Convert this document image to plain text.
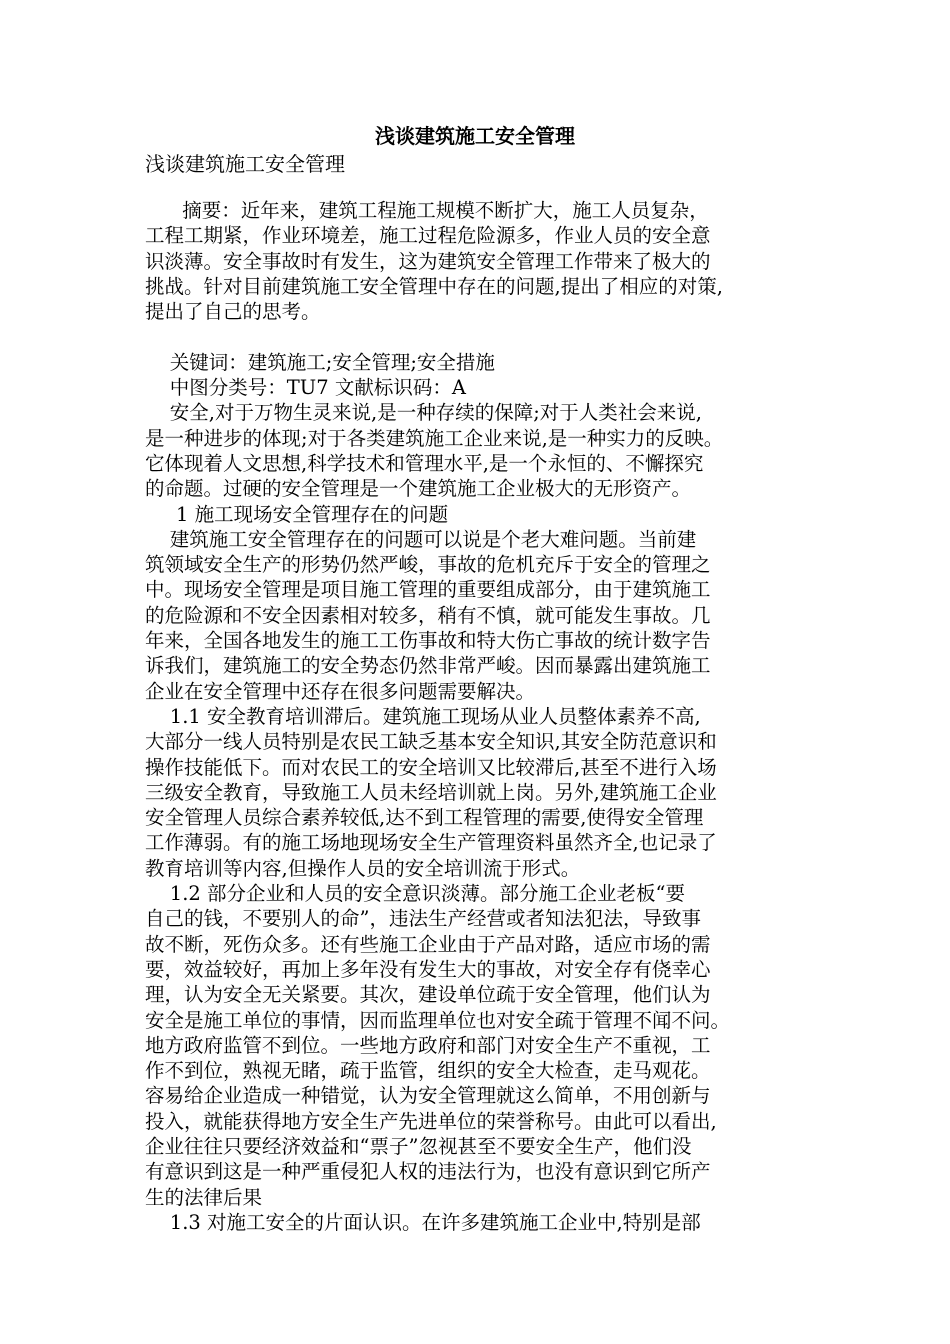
浅谈建筑施工安全管理
浅谈建筑施工安全管理
摘要：近年来，建筑工程施工规模不断扩大，施工人员复杂，
工程工期紧，作业环境差，施工过程危险源多，作业人员的安全意
识淡薄。安全事故时有发生，这为建筑安全管理工作带来了极大的
挑战。针对目前建筑施工安全管理中存在的问题,提出了相应的对策,
提出了自己的思考。
关键词：建筑施工;安全管理;安全措施
中图分类号：TU7 文献标识码：A
安全,对于万物生灵来说,是一种存续的保障;对于人类社会来说,
是一种进步的体现;对于各类建筑施工企业来说,是一种实力的反映。
它体现着人文思想,科学技术和管理水平,是一个永恒的、不懈探究
的命题。过硬的安全管理是一个建筑施工企业极大的无形资产。
1 施工现场安全管理存在的问题
建筑施工安全管理存在的问题可以说是个老大难问题。当前建
筑领域安全生产的形势仍然严峻，事故的危机充斥于安全的管理之
中。现场安全管理是项目施工管理的重要组成部分，由于建筑施工
的危险源和不安全因素相对较多，稍有不慎，就可能发生事故。几
年来，全国各地发生的施工工伤事故和特大伤亡事故的统计数字告
诉我们，建筑施工的安全势态仍然非常严峻。因而暴露出建筑施工
企业在安全管理中还存在很多问题需要解决。
1.1 安全教育培训滞后。建筑施工现场从业人员整体素养不高,
大部分一线人员特别是农民工缺乏基本安全知识,其安全防范意识和
操作技能低下。而对农民工的安全培训又比较滞后,甚至不进行入场
三级安全教育，导致施工人员未经培训就上岗。另外,建筑施工企业
安全管理人员综合素养较低,达不到工程管理的需要,使得安全管理
工作薄弱。有的施工场地现场安全生产管理资料虽然齐全,也记录了
教育培训等内容,但操作人员的安全培训流于形式。
1.2 部分企业和人员的安全意识淡薄。部分施工企业老板“要
自己的钱，不要别人的命”，违法生产经营或者知法犯法，导致事
故不断，死伤众多。还有些施工企业由于产品对路，适应市场的需
要，效益较好，再加上多年没有发生大的事故，对安全存有侥幸心
理，认为安全无关紧要。其次，建设单位疏于安全管理，他们认为
安全是施工单位的事情，因而监理单位也对安全疏于管理不闻不问。
地方政府监管不到位。一些地方政府和部门对安全生产不重视，工
作不到位，熟视无睹，疏于监管，组织的安全大检查，走马观花。
容易给企业造成一种错觉，认为安全管理就这么简单，不用创新与
投入，就能获得地方安全生产先进单位的荣誉称号。由此可以看出,
企业往往只要经济效益和“票子”忽视甚至不要安全生产，他们没
有意识到这是一种严重侵犯人权的违法行为，也没有意识到它所产
生的法律后果
1.3 对施工安全的片面认识。在许多建筑施工企业中,特别是部
